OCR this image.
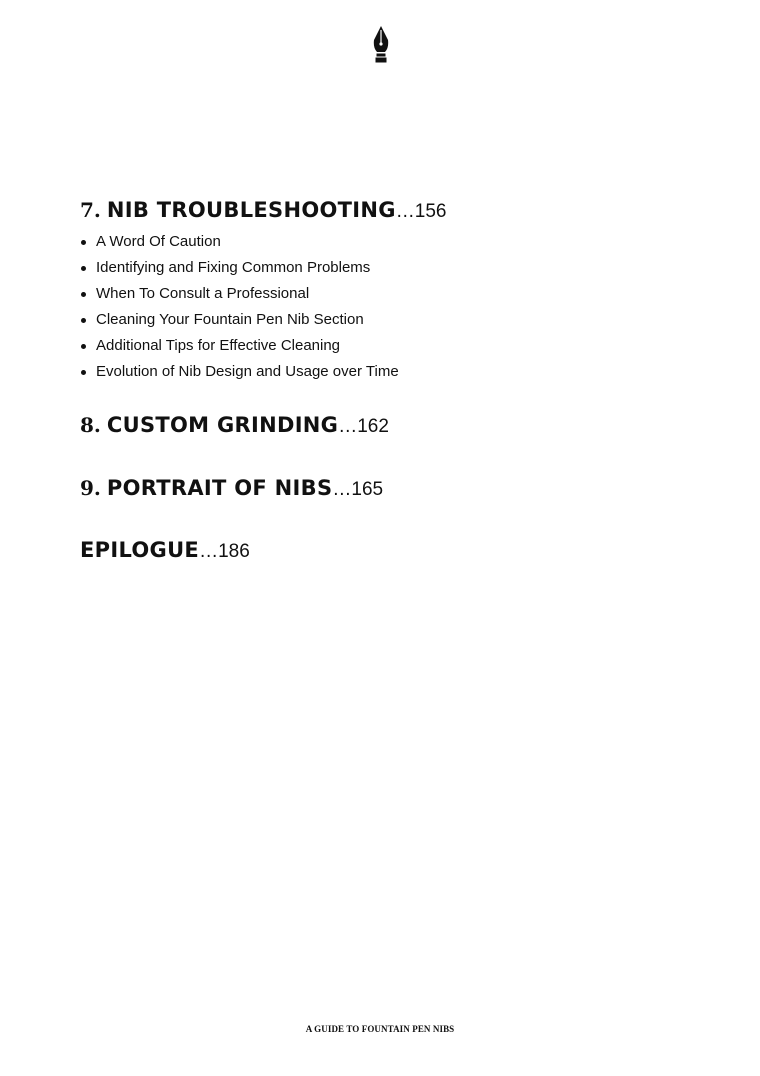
7. NIB TROUBLESHOOTING … 156
A Word Of Caution
Identifying and Fixing Common Problems
When To Consult a Professional
Cleaning Your Fountain Pen Nib Section
Additional Tips for Effective Cleaning
Evolution of Nib Design and Usage over Time
8. CUSTOM GRINDING … 162
9. PORTRAIT OF NIBS … 165
EPILOGUE … 186
A GUIDE TO FOUNTAIN PEN NIBS
